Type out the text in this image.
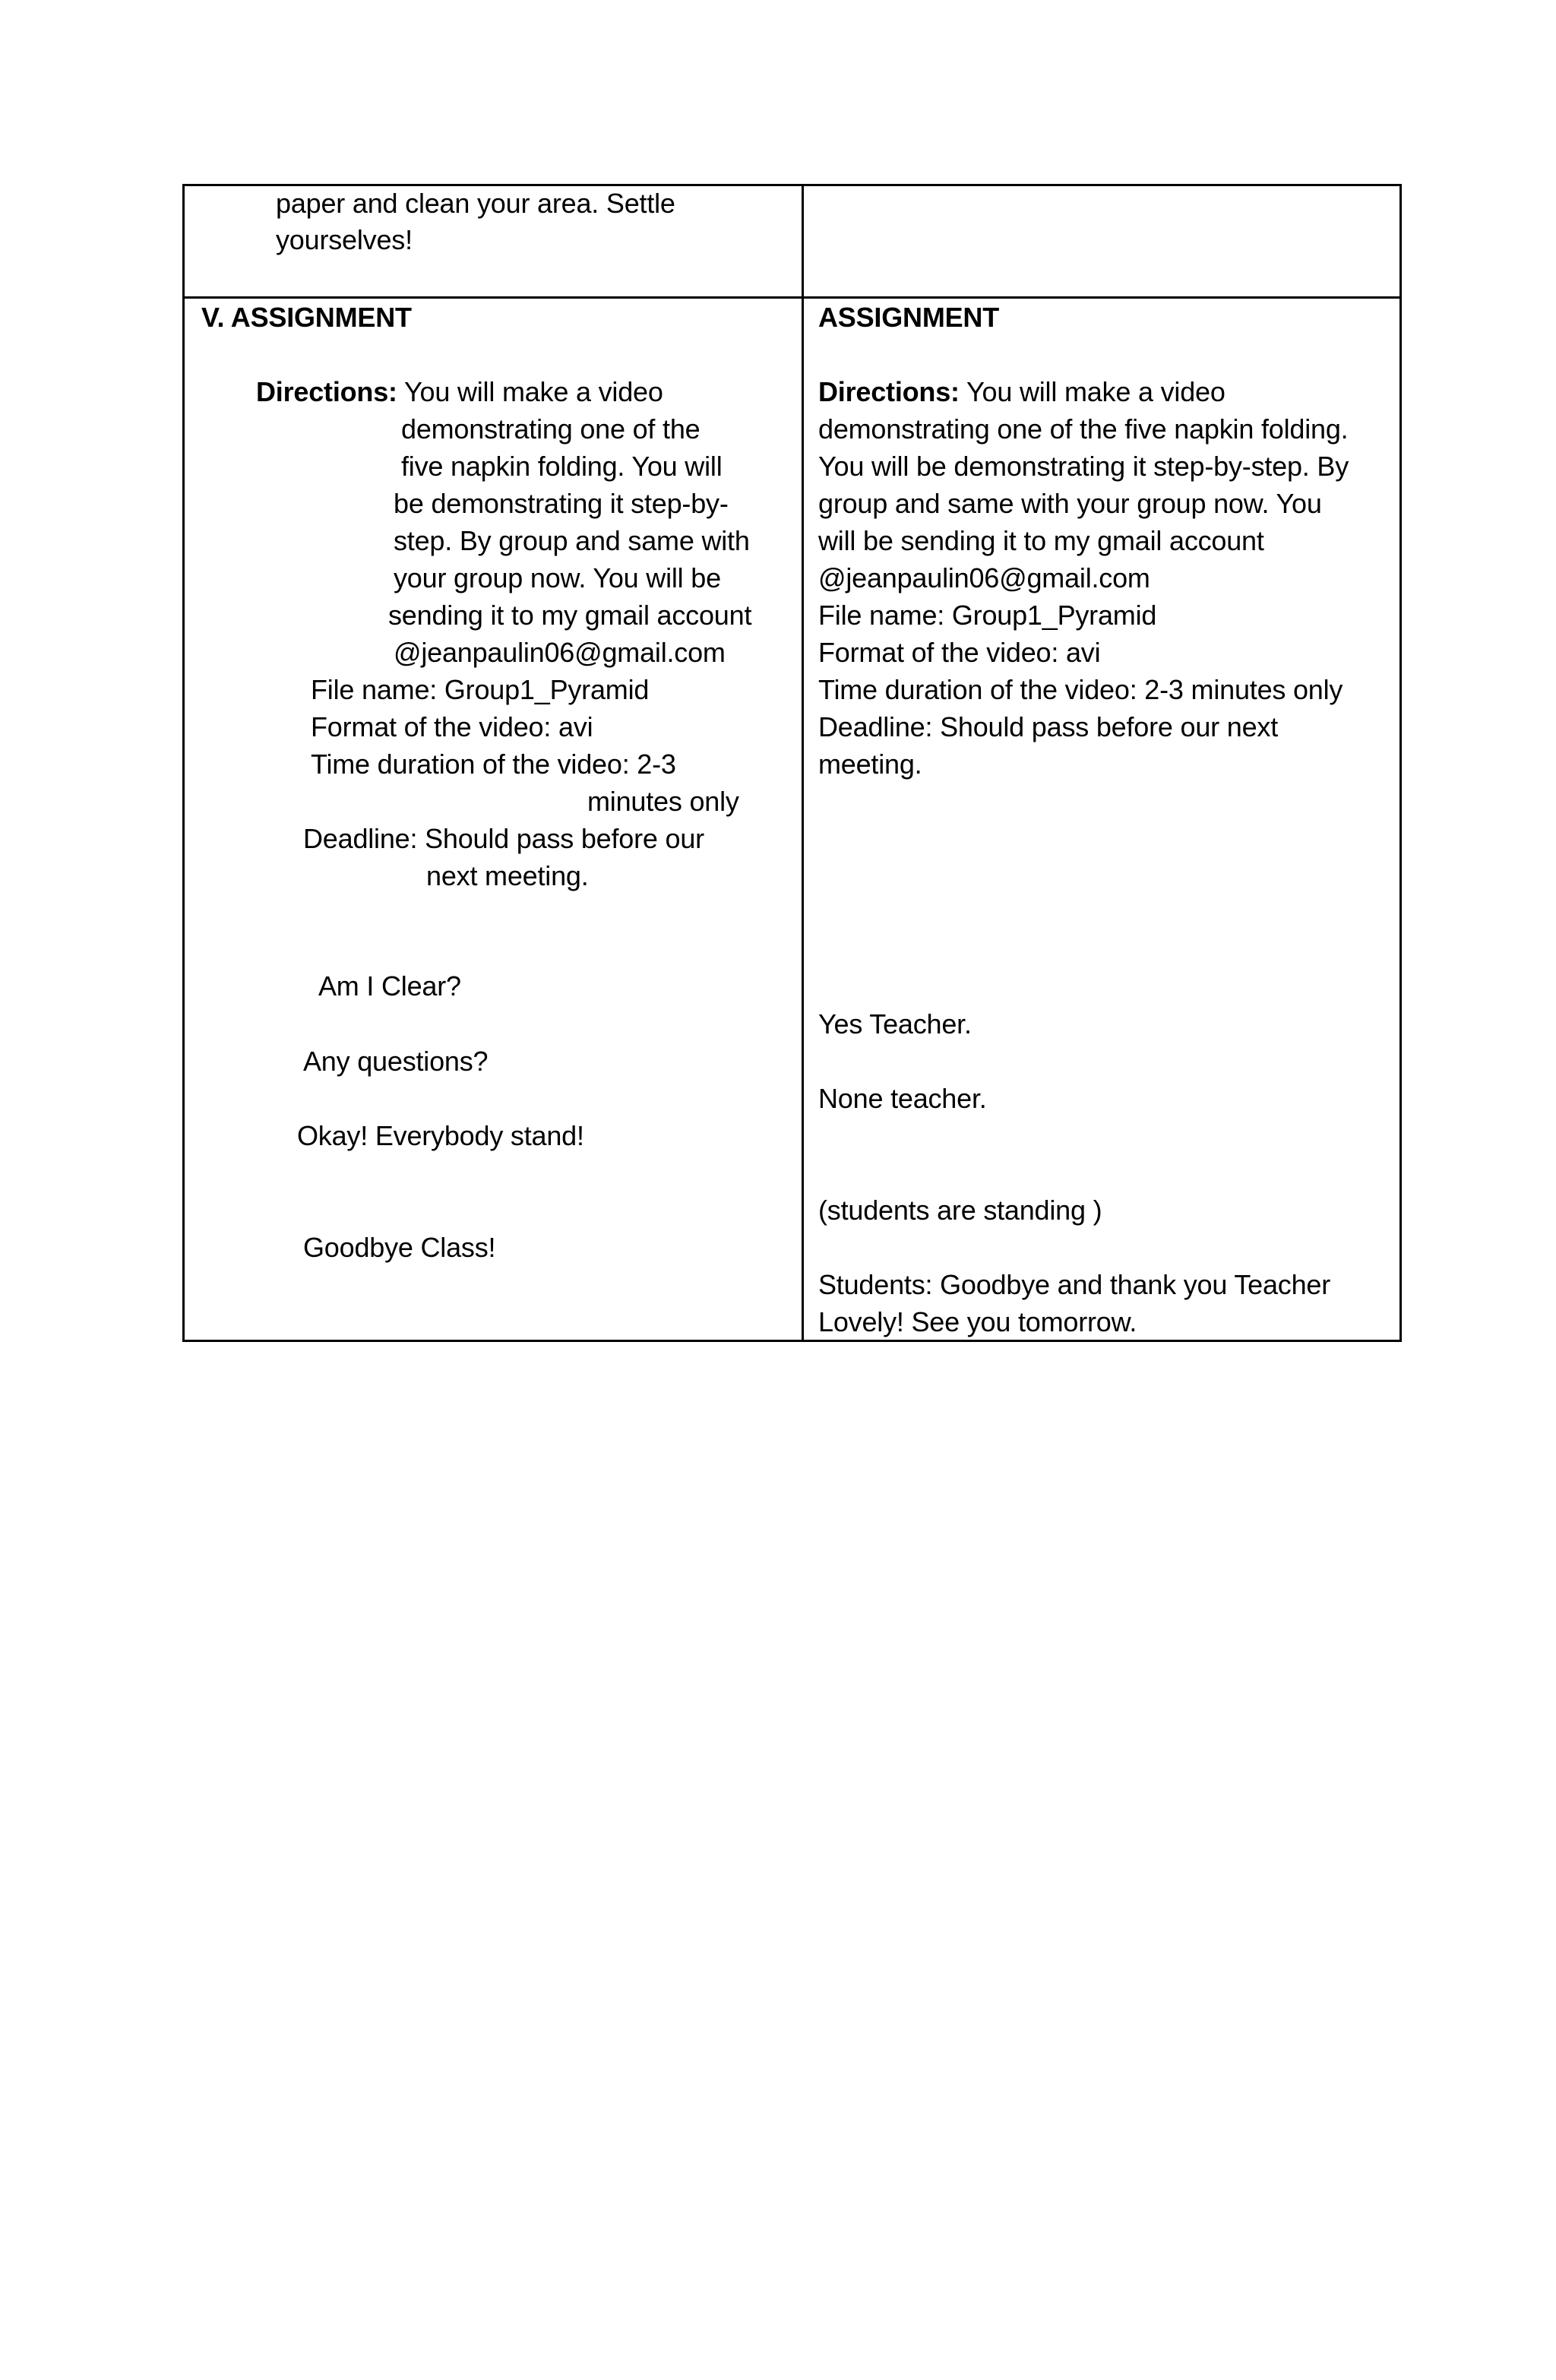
paper and clean your area. Settle
yourselves!
V. ASSIGNMENT
Directions: You will make a video
demonstrating one of the
five napkin folding. You will
be demonstrating it step-by-
step. By group and same with
your group now. You will be
sending it to my gmail account
@jeanpaulin06@gmail.com
File name: Group1_Pyramid
Format of the video: avi
Time duration of the video: 2-3
minutes only
Deadline: Should pass before our
next meeting.
Am I Clear?
Any questions?
Okay! Everybody stand!
Goodbye Class!
ASSIGNMENT
Directions: You will make a video
demonstrating one of the five napkin folding.
You will be demonstrating it step-by-step. By
group and same with your group now. You
will be sending it to my gmail account
@jeanpaulin06@gmail.com
File name: Group1_Pyramid
Format of the video: avi
Time duration of the video: 2-3 minutes only
Deadline: Should pass before our next
meeting.
Yes Teacher.
None teacher.
(students are standing )
Students: Goodbye and thank you Teacher
Lovely! See you tomorrow.
